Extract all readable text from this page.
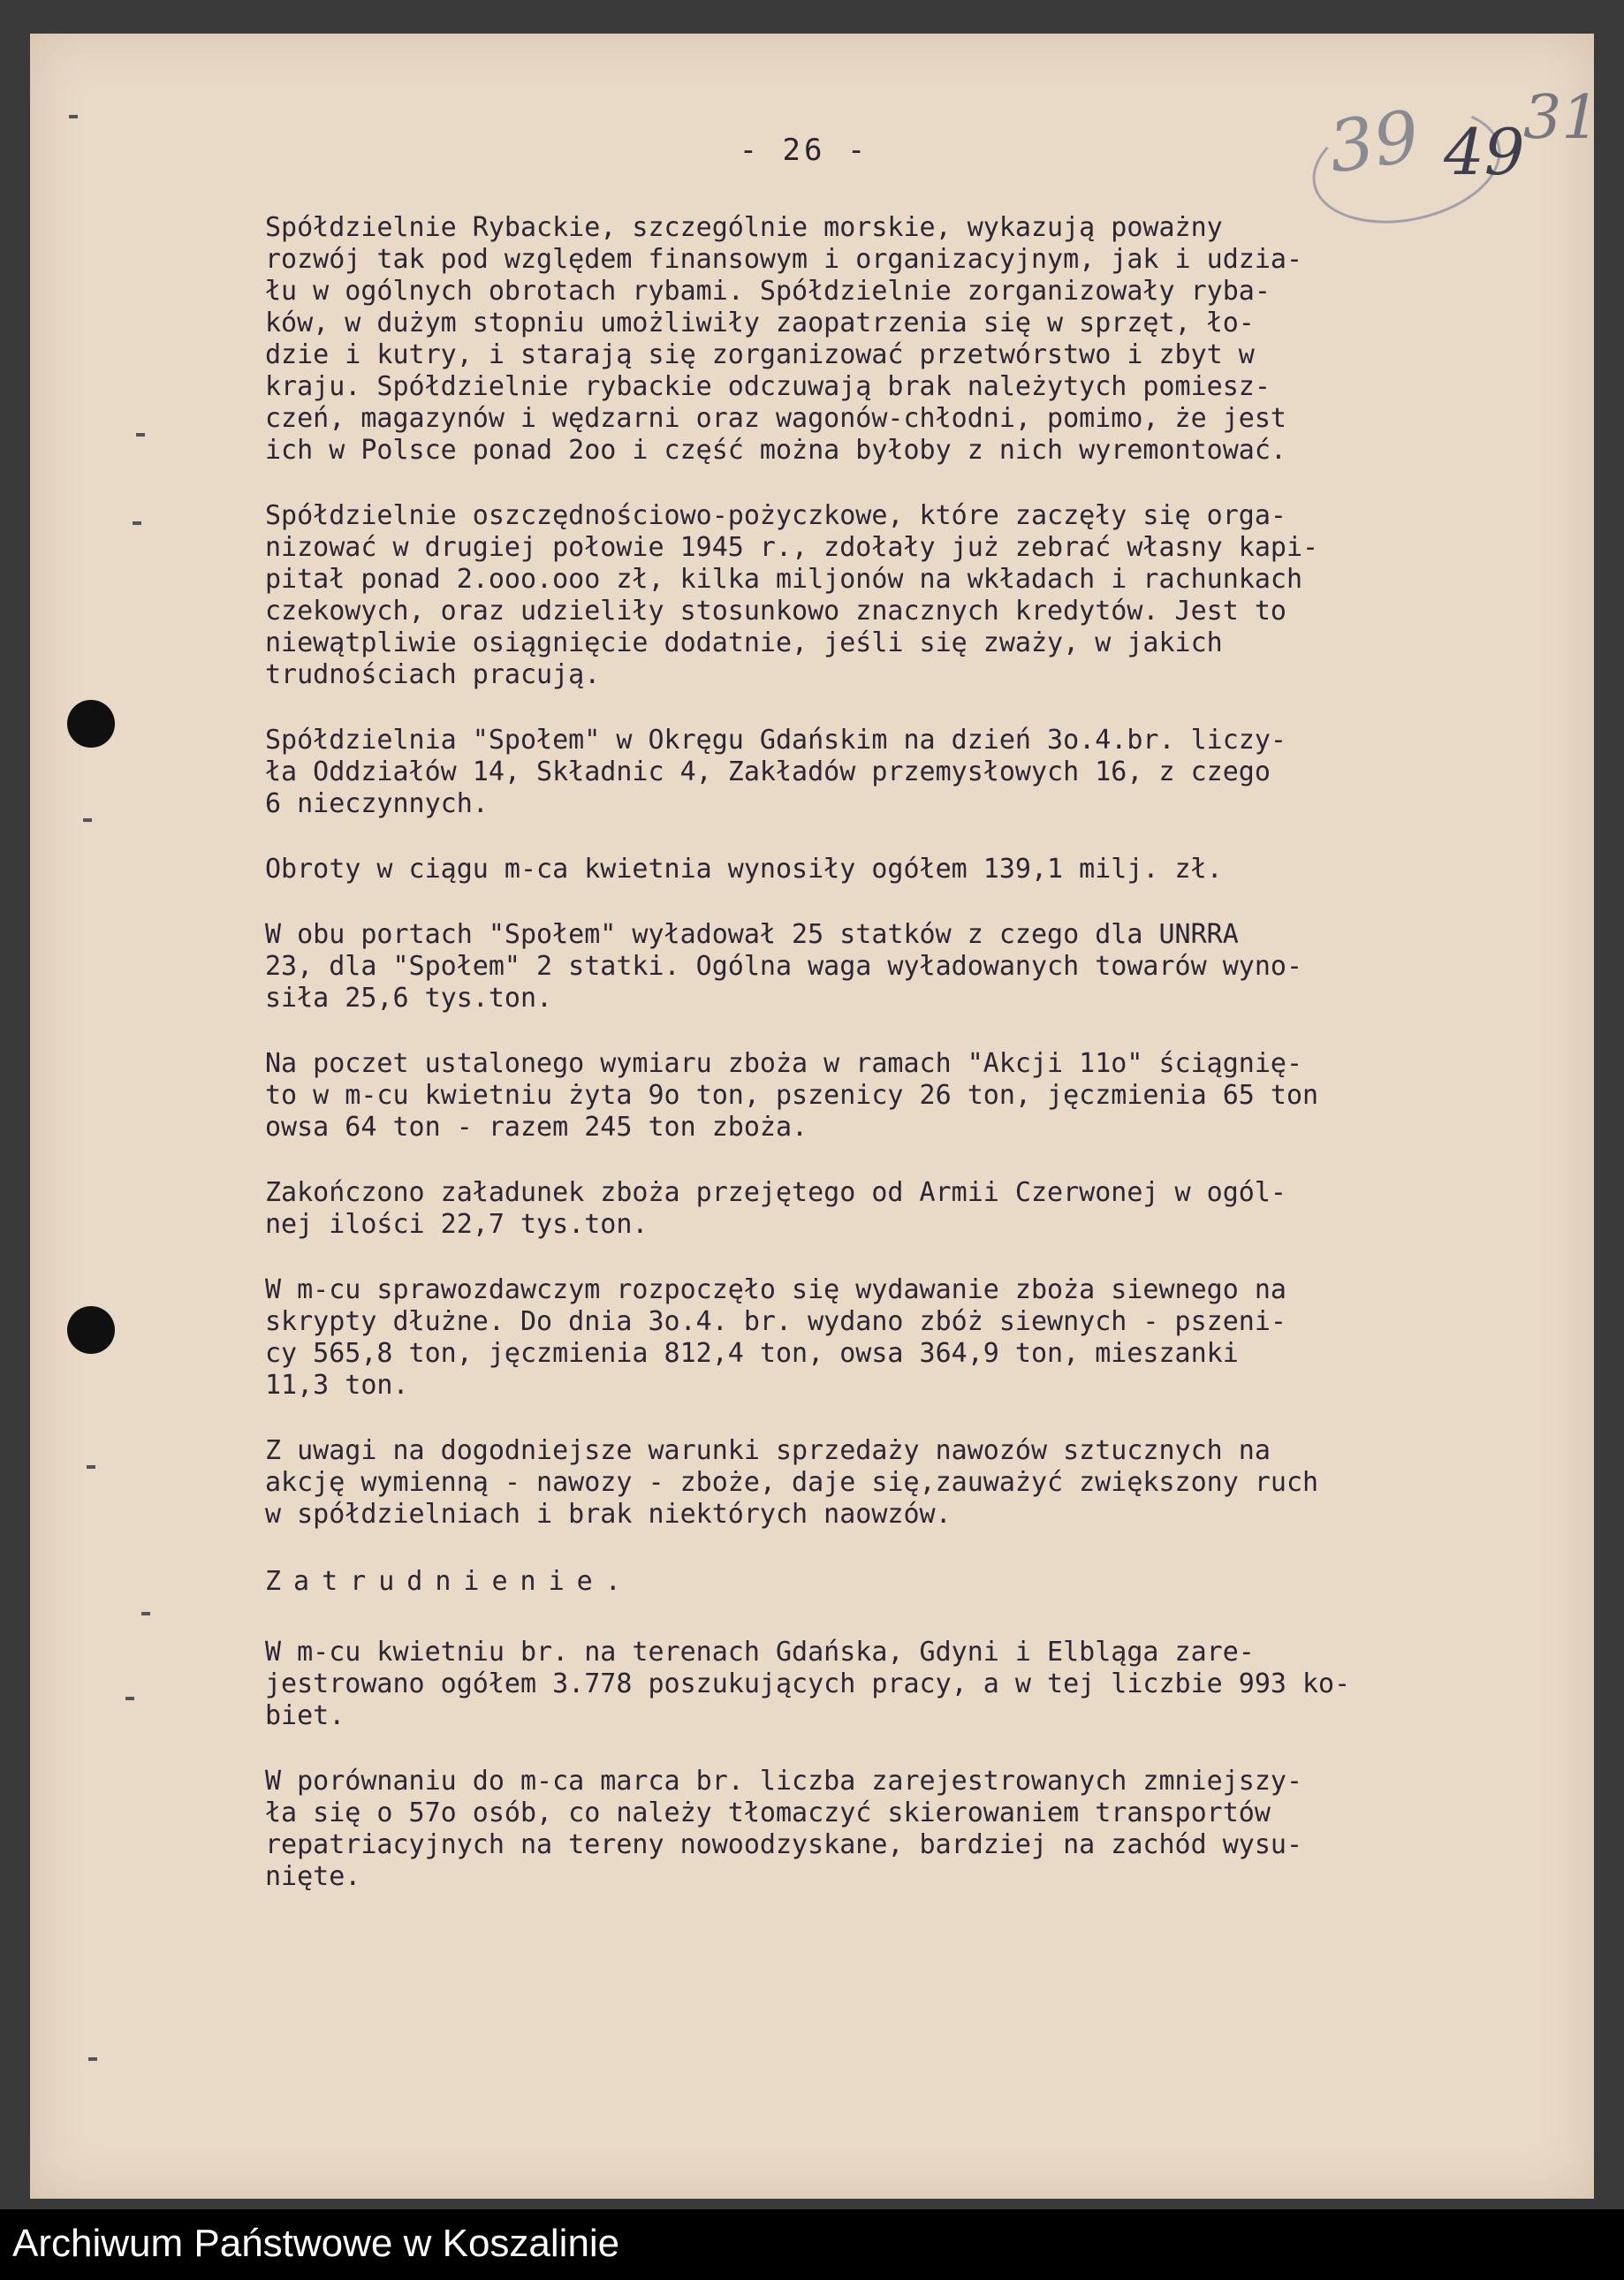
39 49
31
- 26 -
Spółdzielnie Rybackie, szczególnie morskie, wykazują poważny
rozwój tak pod względem finansowym i organizacyjnym, jak i udzia-
łu w ogólnych obrotach rybami. Spółdzielnie zorganizowały ryba-
ków, w dużym stopniu umożliwiły zaopatrzenia się w sprzęt, ło-
dzie i kutry, i starają się zorganizować przetwórstwo i zbyt w
kraju. Spółdzielnie rybackie odczuwają brak należytych pomiesz-
czeń, magazynów i wędzarni oraz wagonów-chłodni, pomimo, że jest
ich w Polsce ponad 2oo i część można byłoby z nich wyremontować.
Spółdzielnie oszczędnościowo-pożyczkowe, które zaczęły się orga-
nizować w drugiej połowie 1945 r., zdołały już zebrać własny kapi-
pitał ponad 2.ooo.ooo zł, kilka miljonów na wkładach i rachunkach
czekowych, oraz udzieliły stosunkowo znacznych kredytów. Jest to
niewątpliwie osiągnięcie dodatnie, jeśli się zważy, w jakich
trudnościach pracują.
Spółdzielnia "Społem" w Okręgu Gdańskim na dzień 3o.4.br. liczy-
ła Oddziałów 14, Składnic 4, Zakładów przemysłowych 16, z czego
6 nieczynnych.
Obroty w ciągu m-ca kwietnia wynosiły ogółem 139,1 milj. zł.
W obu portach "Społem" wyładował 25 statków z czego dla UNRRA
23, dla "Społem" 2 statki. Ogólna waga wyładowanych towarów wyno-
siła 25,6 tys.ton.
Na poczet ustalonego wymiaru zboża w ramach "Akcji 11o" ściągnię-
to w m-cu kwietniu żyta 9o ton, pszenicy 26 ton, jęczmienia 65 ton
owsa 64 ton - razem 245 ton zboża.
Zakończono załadunek zboża przejętego od Armii Czerwonej w ogól-
nej ilości 22,7 tys.ton.
W m-cu sprawozdawczym rozpoczęło się wydawanie zboża siewnego na
skrypty dłużne. Do dnia 3o.4. br. wydano zbóż siewnych - pszeni-
cy 565,8 ton, jęczmienia 812,4 ton, owsa 364,9 ton, mieszanki
11,3 ton.
Z uwagi na dogodniejsze warunki sprzedaży nawozów sztucznych na
akcję wymienną - nawozy - zboże, daje się,zauważyć zwiększony ruch
w spółdzielniach i brak niektórych naowzów.
Zatrudnienie.
W m-cu kwietniu br. na terenach Gdańska, Gdyni i Elbląga zare-
jestrowano ogółem 3.778 poszukujących pracy, a w tej liczbie 993 ko-
biet.
W porównaniu do m-ca marca br. liczba zarejestrowanych zmniejszy-
ła się o 57o osób, co należy tłomaczyć skierowaniem transportów
repatriacyjnych na tereny nowoodzyskane, bardziej na zachód wysu-
nięte.
Archiwum Państwowe w Koszalinie
